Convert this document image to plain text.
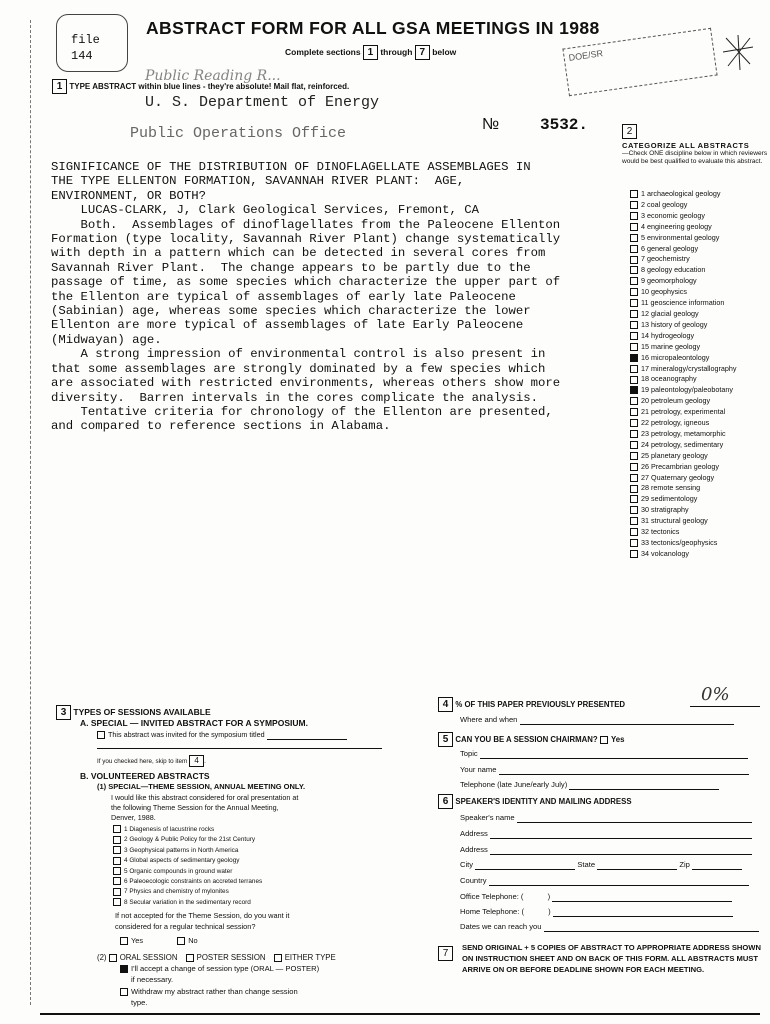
file
144
ABSTRACT FORM FOR ALL GSA MEETINGS IN 1988
Complete sections 1 through 7 below	DOE/SR
1 TYPE ABSTRACT within blue lines - they're absolute! Mail flat, reinforced.
Public Reading R...
U. S. Department of Energy
Public Operations Office
№	3532.
SIGNIFICANCE OF THE DISTRIBUTION OF DINOFLAGELLATE ASSEMBLAGES IN
THE TYPE ELLENTON FORMATION, SAVANNAH RIVER PLANT:  AGE,
ENVIRONMENT, OR BOTH?
LUCAS-CLARK, J, Clark Geological Services, Fremont, CA
Both.  Assemblages of dinoflagellates from the Paleocene Ellenton
Formation (type locality, Savannah River Plant) change systematically
with depth in a pattern which can be detected in several cores from
Savannah River Plant.  The change appears to be partly due to the
passage of time, as some species which characterize the upper part of
the Ellenton are typical of assemblages of early late Paleocene
(Sabinian) age, whereas some species which characterize the lower
Ellenton are more typical of assemblages of late Early Paleocene
(Midwayan) age.
A strong impression of environmental control is also present in
that some assemblages are strongly dominated by a few species which
are associated with restricted environments, whereas others show more
diversity.  Barren intervals in the cores complicate the analysis.
Tentative criteria for chronology of the Ellenton are presented,
and compared to reference sections in Alabama.
2
CATEGORIZE ALL ABSTRACTS
—Check ONE discipline below in which reviewers would be best qualified to evaluate this abstract.
1 archaeological geology
2 coal geology
3 economic geology
4 engineering geology
5 environmental geology
6 general geology
7 geochemistry
8 geology education
9 geomorphology
10 geophysics
11 geoscience information
12 glacial geology
13 history of geology
14 hydrogeology
15 marine geology
16 micropaleontology
17 mineralogy/crystallography
18 oceanography
19 paleontology/paleobotany
20 petroleum geology
21 petrology, experimental
22 petrology, igneous
23 petrology, metamorphic
24 petrology, sedimentary
25 planetary geology
26 Precambrian geology
27 Quaternary geology
28 remote sensing
29 sedimentology
30 stratigraphy
31 structural geology
32 tectonics
33 tectonics/geophysics
34 volcanology
3 TYPES OF SESSIONS AVAILABLE
A. SPECIAL — INVITED ABSTRACT FOR A SYMPOSIUM.
This abstract was invited for the symposium titled
If you checked here, skip to item 4 .
B. VOLUNTEERED ABSTRACTS
(1) SPECIAL—THEME SESSION, ANNUAL MEETING ONLY.
I would like this abstract considered for oral presentation at
the following Theme Session for the Annual Meeting,
Denver, 1988.
1 Diagenesis of lacustrine rocks
2 Geology & Public Policy for the 21st Century
3 Geophysical patterns in North America
4 Global aspects of sedimentary geology
5 Organic compounds in ground water
6 Paleoecologic constraints on accreted terranes
7 Physics and chemistry of mylonites
8 Secular variation in the sedimentary record
If not accepted for the Theme Session, do you want it
considered for a regular technical session?
Yes	No
(2) ORAL SESSION POSTER SESSION EITHER TYPE
I'll accept a change of session type (ORAL — POSTER)
if necessary.
Withdraw my abstract rather than change session
type.
4 % OF THIS PAPER PREVIOUSLY PRESENTED	0%
Where and when
5 CAN YOU BE A SESSION CHAIRMAN? Yes
Topic
Your name
Telephone (late June/early July)
6 SPEAKER'S IDENTITY AND MAILING ADDRESS
Speaker's name
Address
Address
City	State	Zip
Country
Office Telephone: (	)
Home Telephone: (	)
Dates we can reach you
7
SEND ORIGINAL + 5 COPIES OF ABSTRACT TO APPROPRIATE ADDRESS SHOWN ON INSTRUCTION SHEET AND ON BACK OF THIS FORM. ALL ABSTRACTS MUST ARRIVE ON OR BEFORE DEADLINE SHOWN FOR EACH MEETING.
